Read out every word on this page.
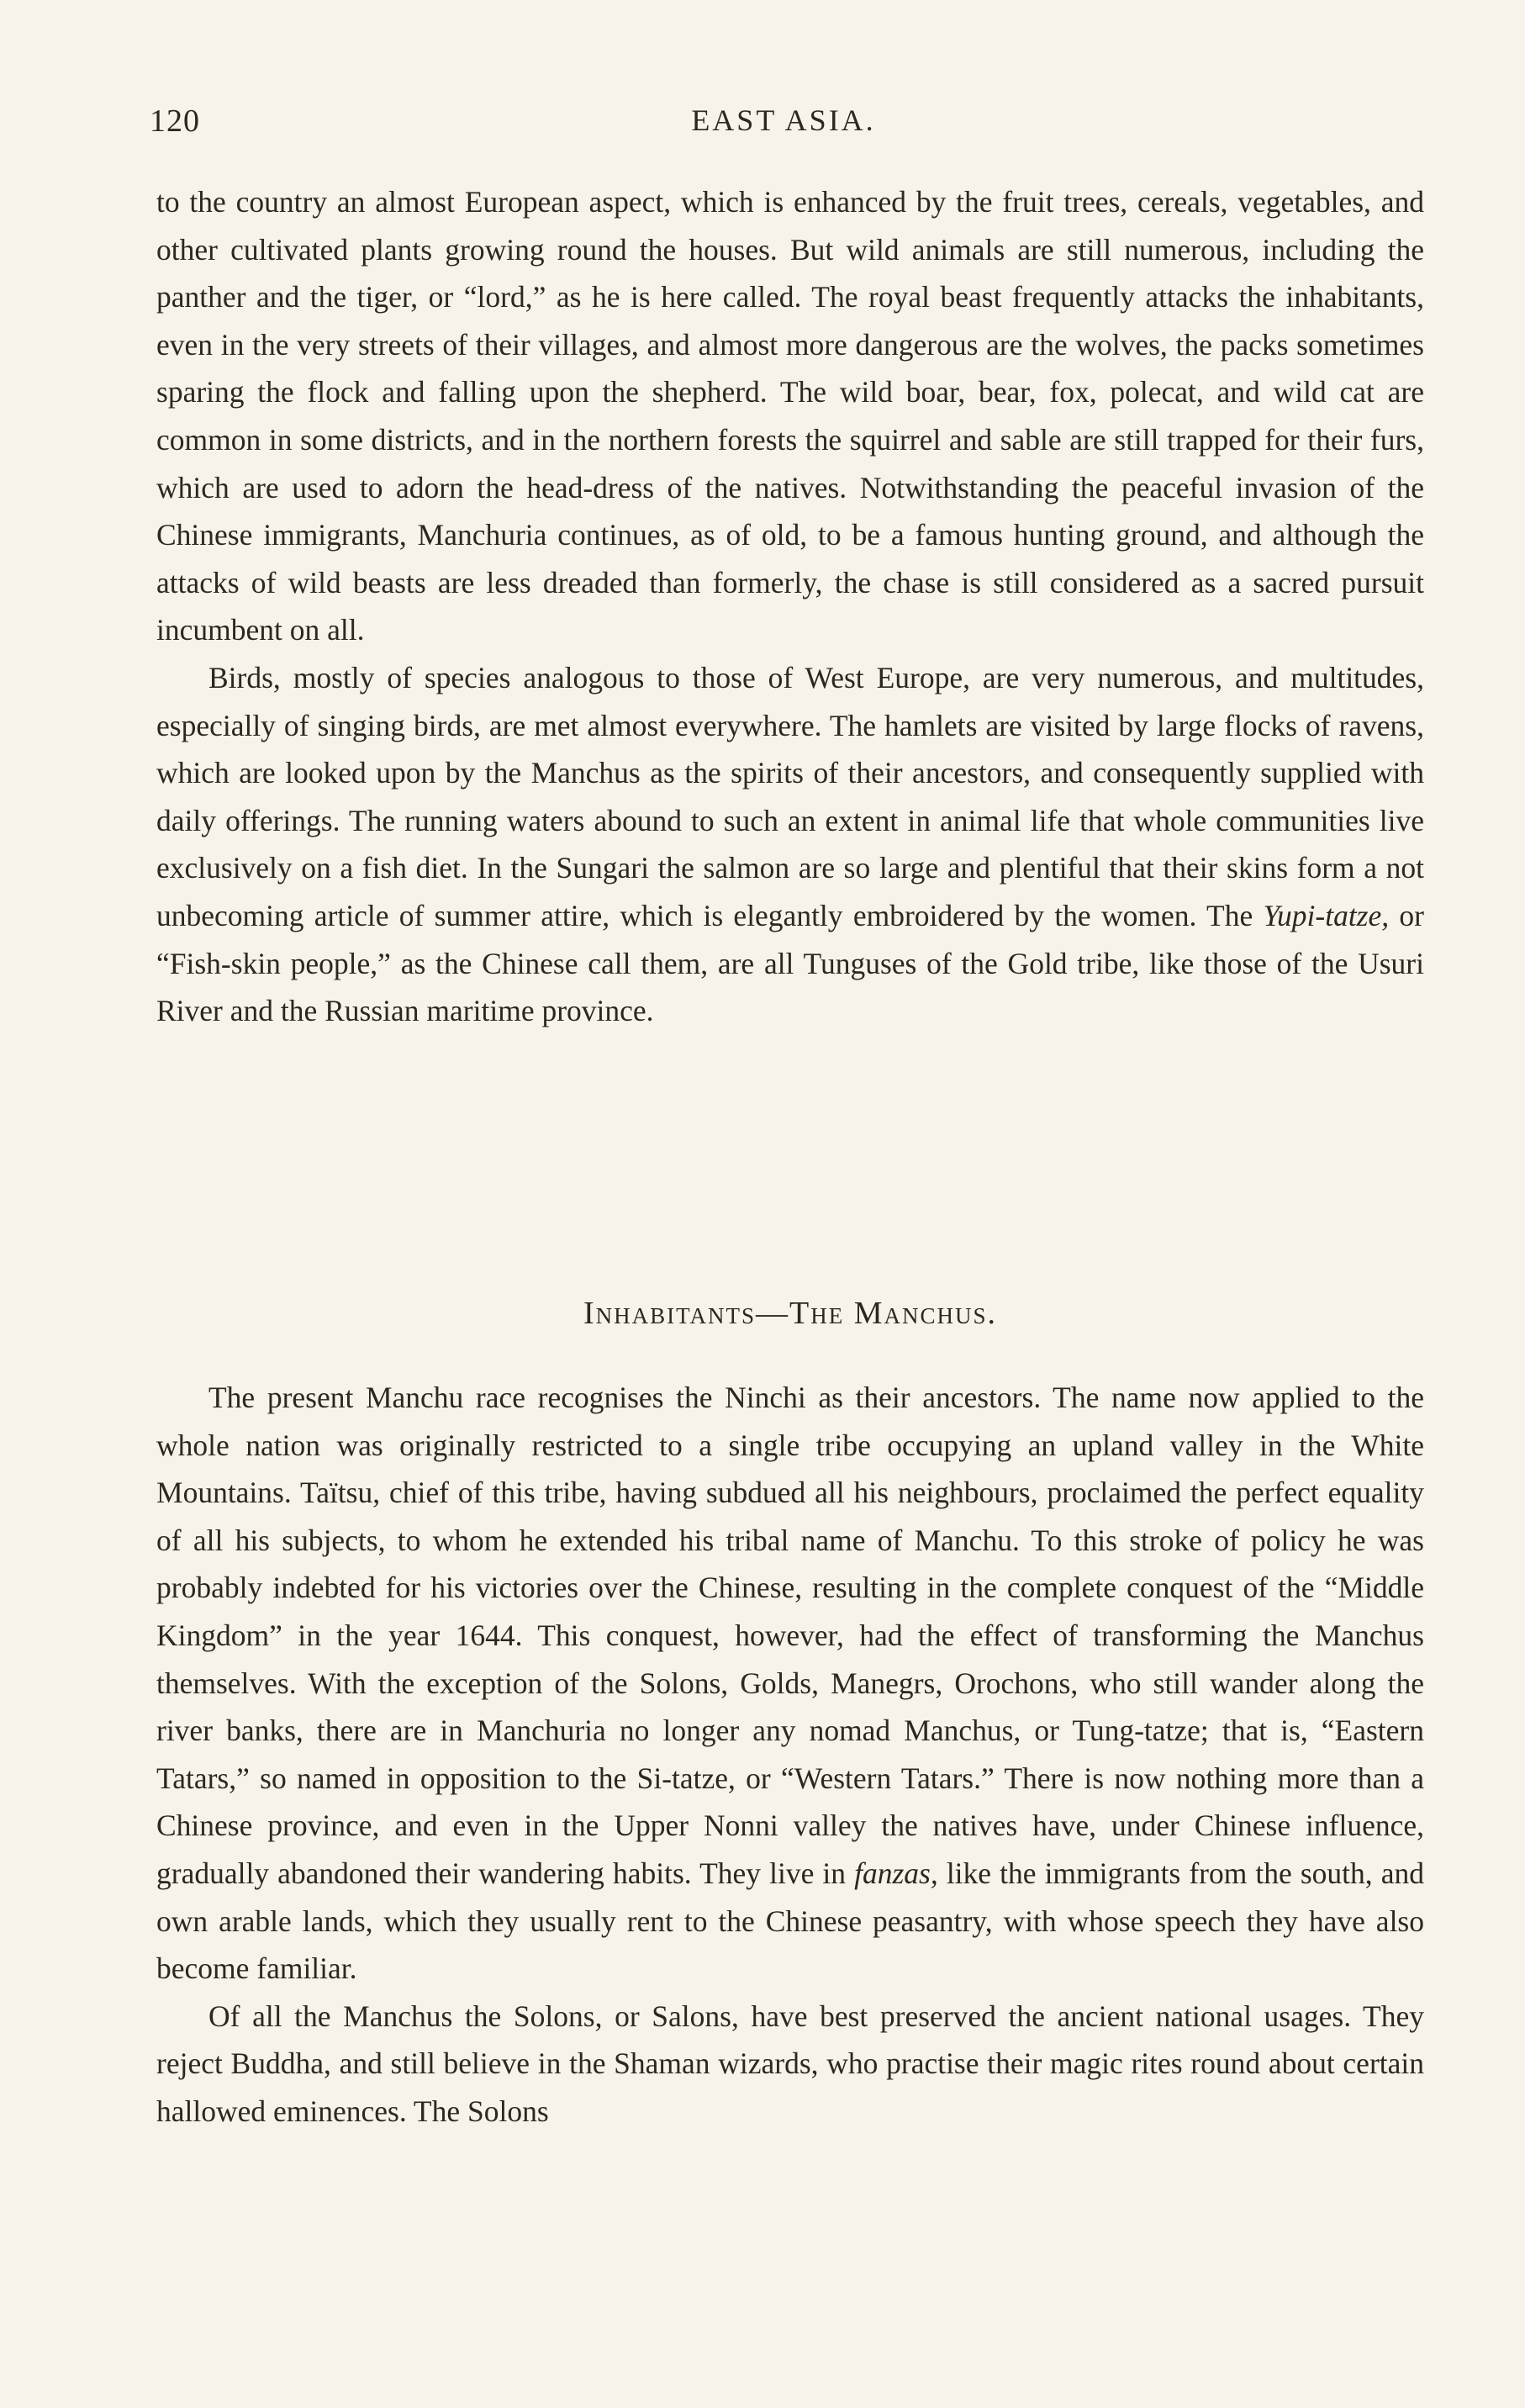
120	EAST ASIA.

to the country an almost European aspect, which is enhanced by the fruit trees, cereals, vegetables, and other cultivated plants growing round the houses. But wild animals are still numerous, including the panther and the tiger, or “lord,” as he is here called. The royal beast frequently attacks the inhabitants, even in the very streets of their villages, and almost more dangerous are the wolves, the packs sometimes sparing the flock and falling upon the shepherd. The wild boar, bear, fox, polecat, and wild cat are common in some districts, and in the northern forests the squirrel and sable are still trapped for their furs, which are used to adorn the head-dress of the natives. Notwithstanding the peaceful invasion of the Chinese immigrants, Manchuria continues, as of old, to be a famous hunting ground, and although the attacks of wild beasts are less dreaded than formerly, the chase is still considered as a sacred pursuit incumbent on all.

Birds, mostly of species analogous to those of West Europe, are very numerous, and multitudes, especially of singing birds, are met almost everywhere. The hamlets are visited by large flocks of ravens, which are looked upon by the Manchus as the spirits of their ancestors, and consequently supplied with daily offerings. The running waters abound to such an extent in animal life that whole communities live exclusively on a fish diet. In the Sungari the salmon are so large and plentiful that their skins form a not unbecoming article of summer attire, which is elegantly embroidered by the women. The Yupi-tatze, or “Fish-skin people,” as the Chinese call them, are all Tunguses of the Gold tribe, like those of the Usuri River and the Russian maritime province.

Inhabitants—The Manchus.

The present Manchu race recognises the Ninchi as their ancestors. The name now applied to the whole nation was originally restricted to a single tribe occupying an upland valley in the White Mountains. Taïtsu, chief of this tribe, having subdued all his neighbours, proclaimed the perfect equality of all his subjects, to whom he extended his tribal name of Manchu. To this stroke of policy he was probably indebted for his victories over the Chinese, resulting in the complete conquest of the “Middle Kingdom” in the year 1644. This conquest, however, had the effect of transforming the Manchus themselves. With the exception of the Solons, Golds, Manegrs, Orochons, who still wander along the river banks, there are in Manchuria no longer any nomad Manchus, or Tung-tatze; that is, “Eastern Tatars,” so named in opposition to the Si-tatze, or “Western Tatars.” There is now nothing more than a Chinese province, and even in the Upper Nonni valley the natives have, under Chinese influence, gradually abandoned their wandering habits. They live in fanzas, like the immigrants from the south, and own arable lands, which they usually rent to the Chinese peasantry, with whose speech they have also become familiar.

Of all the Manchus the Solons, or Salons, have best preserved the ancient national usages. They reject Buddha, and still believe in the Shaman wizards, who practise their magic rites round about certain hallowed eminences. The Solons
